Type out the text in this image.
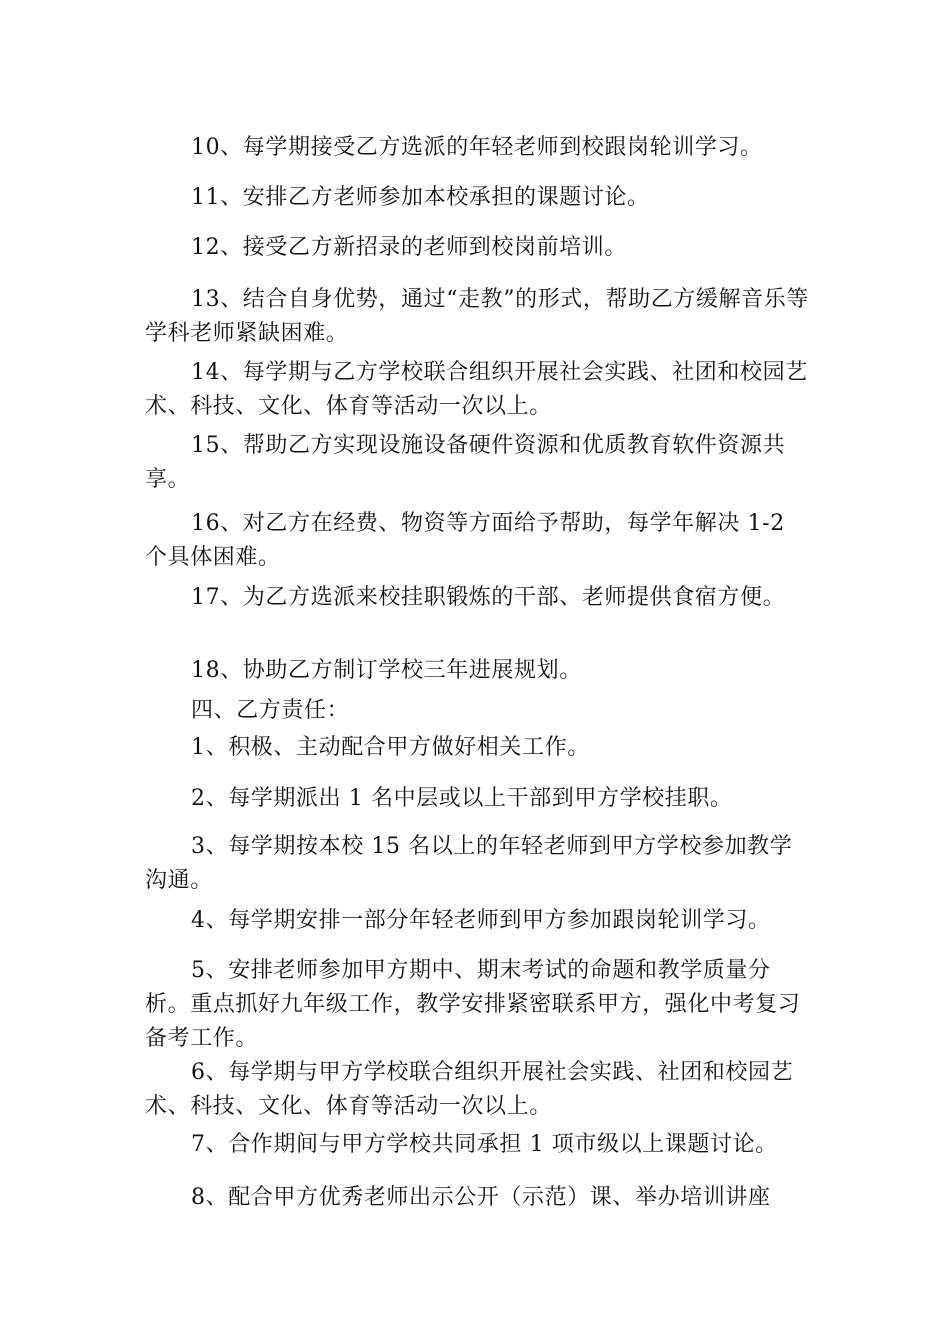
10、每学期接受乙方选派的年轻老师到校跟岗轮训学习。

11、安排乙方老师参加本校承担的课题讨论。

12、接受乙方新招录的老师到校岗前培训。

13、结合自身优势，通过“走教”的形式，帮助乙方缓解音乐等学科老师紧缺困难。

14、每学期与乙方学校联合组织开展社会实践、社团和校园艺术、科技、文化、体育等活动一次以上。

15、帮助乙方实现设施设备硬件资源和优质教育软件资源共享。

16、对乙方在经费、物资等方面给予帮助，每学年解决 1-2 个具体困难。

17、为乙方选派来校挂职锻炼的干部、老师提供食宿方便。

18、协助乙方制订学校三年进展规划。

四、乙方责任：

1、积极、主动配合甲方做好相关工作。

2、每学期派出 1 名中层或以上干部到甲方学校挂职。

3、每学期按本校 15 名以上的年轻老师到甲方学校参加教学沟通。

4、每学期安排一部分年轻老师到甲方参加跟岗轮训学习。

5、安排老师参加甲方期中、期末考试的命题和教学质量分析。重点抓好九年级工作，教学安排紧密联系甲方，强化中考复习备考工作。

6、每学期与甲方学校联合组织开展社会实践、社团和校园艺术、科技、文化、体育等活动一次以上。

7、合作期间与甲方学校共同承担 1 项市级以上课题讨论。

8、配合甲方优秀老师出示公开（示范）课、举办培训讲座
